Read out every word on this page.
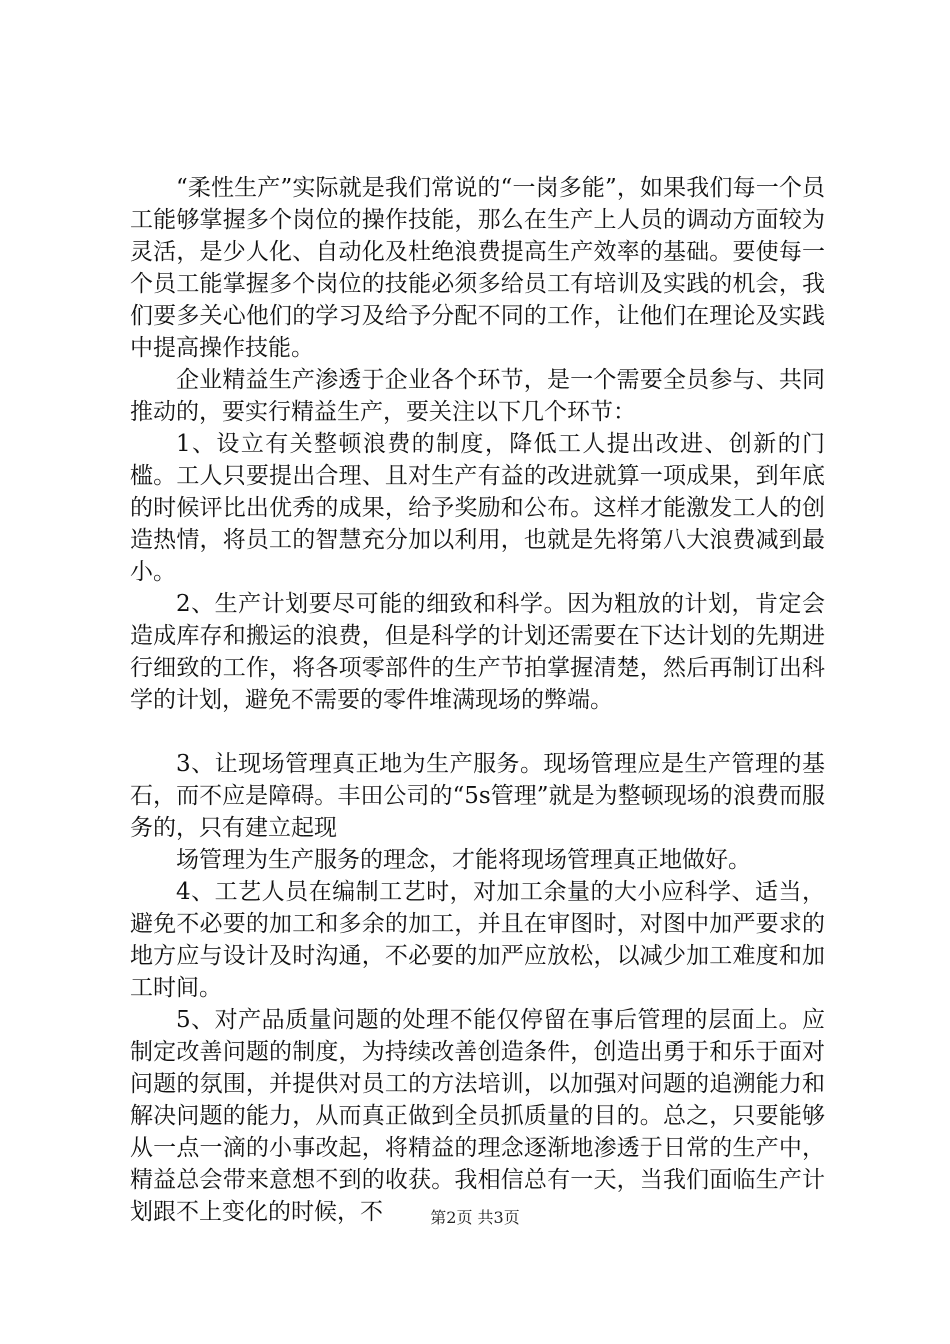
“柔性生产”实际就是我们常说的“一岗多能”，如果我们每一个员工能够掌握多个岗位的操作技能，那么在生产上人员的调动方面较为灵活，是少人化、自动化及杜绝浪费提高生产效率的基础。要使每一个员工能掌握多个岗位的技能必须多给员工有培训及实践的机会，我们要多关心他们的学习及给予分配不同的工作，让他们在理论及实践中提高操作技能。

企业精益生产渗透于企业各个环节，是一个需要全员参与、共同推动的，要实行精益生产，要关注以下几个环节：

1、设立有关整顿浪费的制度，降低工人提出改进、创新的门槛。工人只要提出合理、且对生产有益的改进就算一项成果，到年底的时候评比出优秀的成果，给予奖励和公布。这样才能激发工人的创造热情，将员工的智慧充分加以利用，也就是先将第八大浪费减到最小。

2、生产计划要尽可能的细致和科学。因为粗放的计划，肯定会造成库存和搬运的浪费，但是科学的计划还需要在下达计划的先期进行细致的工作，将各项零部件的生产节拍掌握清楚，然后再制订出科学的计划，避免不需要的零件堆满现场的弊端。

3、让现场管理真正地为生产服务。现场管理应是生产管理的基石，而不应是障碍。丰田公司的“5s管理”就是为整顿现场的浪费而服务的，只有建立起现

场管理为生产服务的理念，才能将现场管理真正地做好。

4、工艺人员在编制工艺时，对加工余量的大小应科学、适当，避免不必要的加工和多余的加工，并且在审图时，对图中加严要求的地方应与设计及时沟通，不必要的加严应放松，以减少加工难度和加工时间。

5、对产品质量问题的处理不能仅停留在事后管理的层面上。应制定改善问题的制度，为持续改善创造条件，创造出勇于和乐于面对问题的氛围，并提供对员工的方法培训，以加强对问题的追溯能力和解决问题的能力，从而真正做到全员抓质量的目的。总之，只要能够从一点一滴的小事改起，将精益的理念逐渐地渗透于日常的生产中，精益总会带来意想不到的收获。我相信总有一天，当我们面临生产计划跟不上变化的时候，不	第2页 共3页
